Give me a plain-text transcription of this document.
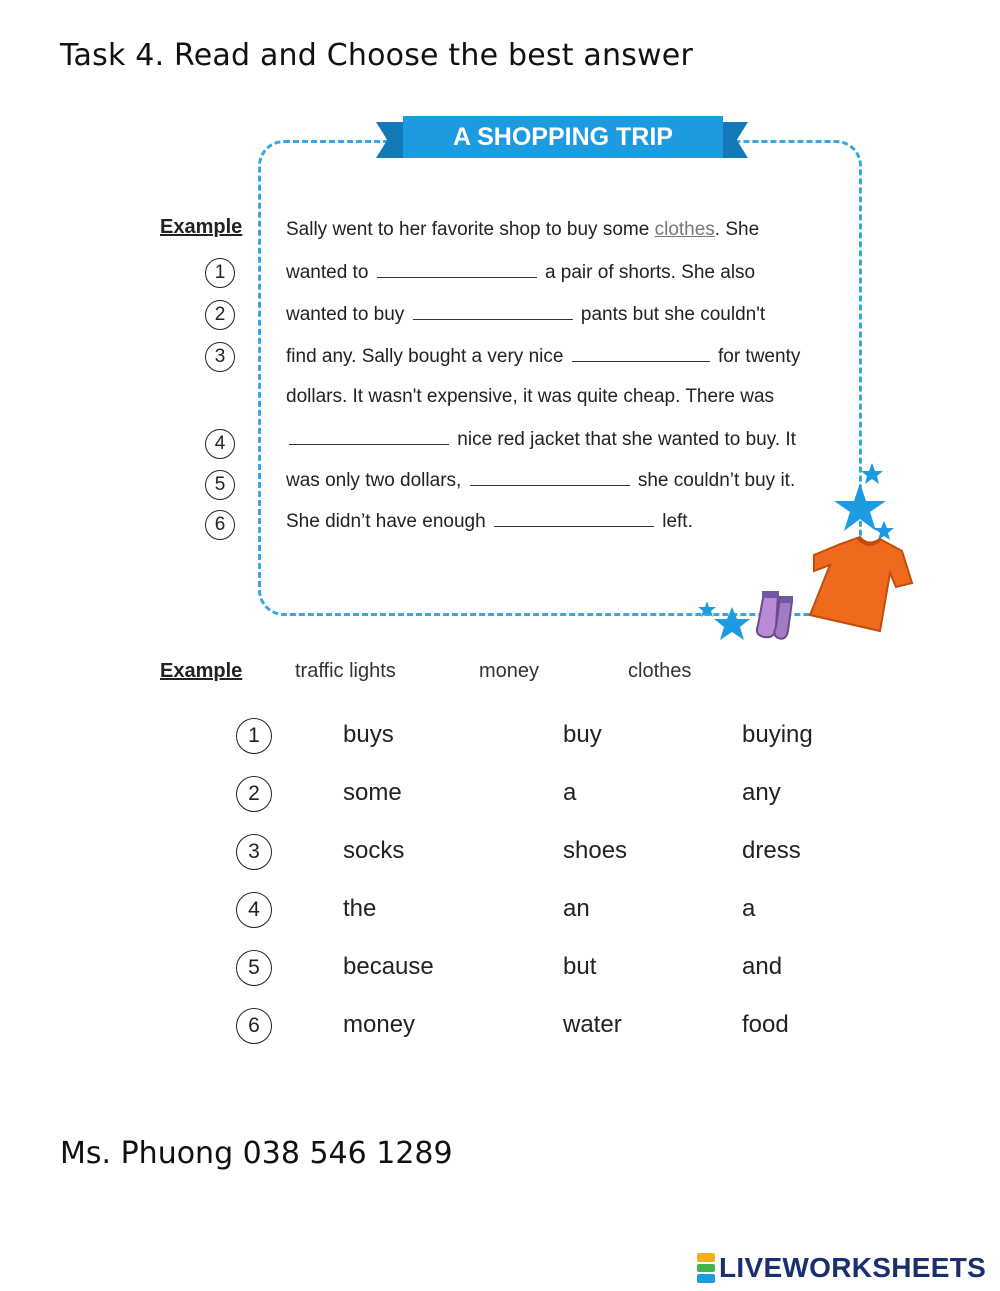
Task 4. Read and Choose the best answer
A SHOPPING TRIP
Example
1
2
3
4
5
6
Sally went to her favorite shop to buy some clothes. She
wanted to	a pair of shorts. She also
wanted to buy	pants but she couldn't
find any. Sally bought a very nice	for twenty
dollars. It wasn't expensive, it was quite cheap. There was
nice red jacket that she wanted to buy. It
was only two dollars,	she couldn’t buy it.
She didn’t have enough	left.
Example	traffic lights	money	clothes
1	buys	buy	buying
2	some	a	any
3	socks	shoes	dress
4	the	an	a
5	because	but	and
6	money	water	food
Ms. Phuong 038 546 1289
LIVEWORKSHEETS
